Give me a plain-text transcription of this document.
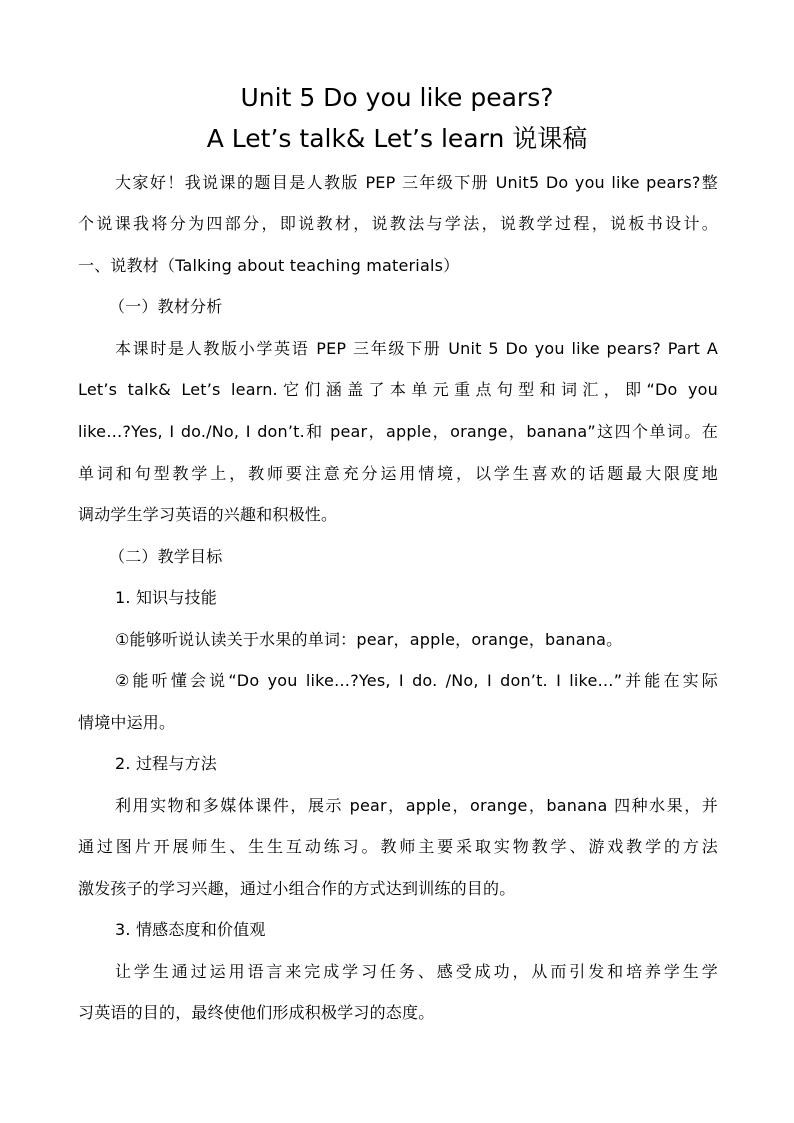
Unit 5 Do you like pears?
A Let’s talk& Let’s learn 说课稿
大家好！我说课的题目是人教版 PEP 三年级下册 Unit5 Do you like pears?整
个说课我将分为四部分，即说教材，说教法与学法，说教学过程，说板书设计。
一、说教材（Talking about teaching materials）
（一）教材分析
本课时是人教版小学英语 PEP 三年级下册 Unit 5 Do you like pears? Part A
Let’s talk& Let’s learn.它们涵盖了本单元重点句型和词汇，即“Do you
like…?Yes, I do./No, I don’t.和 pear，apple，orange，banana”这四个单词。在
单词和句型教学上，教师要注意充分运用情境，以学生喜欢的话题最大限度地
调动学生学习英语的兴趣和积极性。
（二）教学目标
1. 知识与技能
①能够听说认读关于水果的单词：pear，apple，orange，banana。
②能听懂会说“Do you like…?Yes, I do. /No, I don’t. I like…”并能在实际
情境中运用。
2. 过程与方法
利用实物和多媒体课件，展示 pear，apple，orange，banana 四种水果，并
通过图片开展师生、生生互动练习。教师主要采取实物教学、游戏教学的方法
激发孩子的学习兴趣，通过小组合作的方式达到训练的目的。
3. 情感态度和价值观
让学生通过运用语言来完成学习任务、感受成功，从而引发和培养学生学
习英语的目的，最终使他们形成积极学习的态度。
